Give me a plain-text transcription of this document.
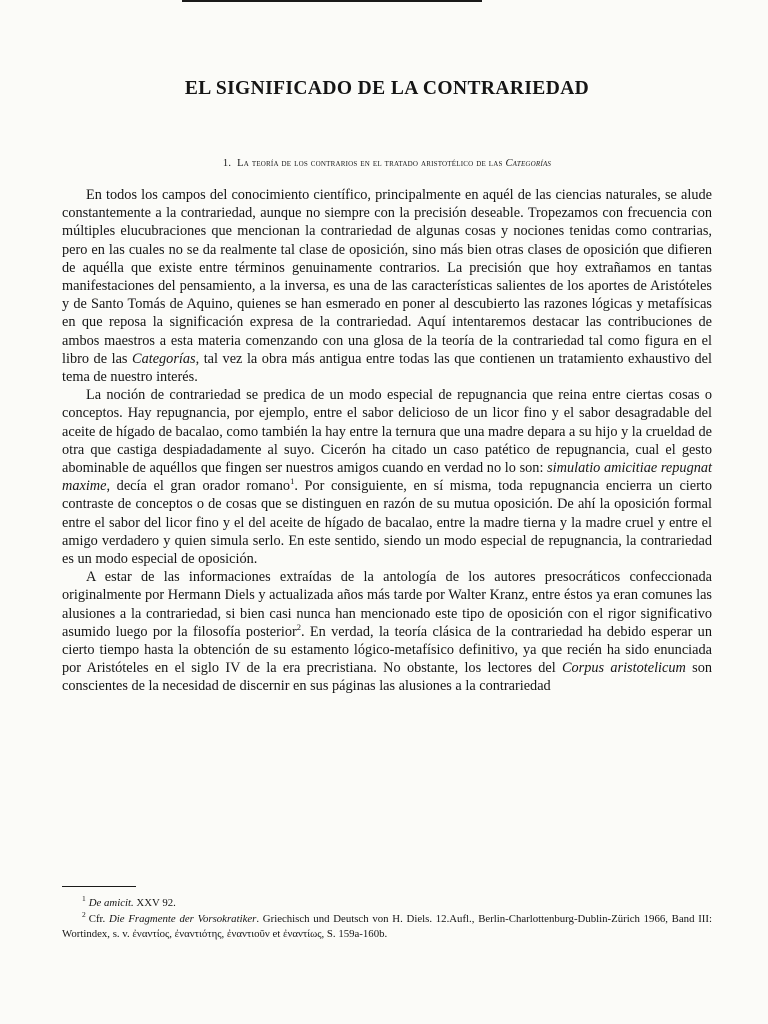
EL SIGNIFICADO DE LA CONTRARIEDAD
1. La teoría de los contrarios en el tratado aristotélico de las Categorías

En todos los campos del conocimiento científico, principalmente en aquél de las ciencias naturales, se alude constantemente a la contrariedad, aunque no siempre con la precisión deseable. Tropezamos con frecuencia con múltiples elucubraciones que mencionan la contrariedad de algunas cosas y nociones tenidas como contrarias, pero en las cuales no se da realmente tal clase de oposición, sino más bien otras clases de oposición que difieren de aquélla que existe entre términos genuinamente contrarios. La precisión que hoy extrañamos en tantas manifestaciones del pensamiento, a la inversa, es una de las características salientes de los aportes de Aristóteles y de Santo Tomás de Aquino, quienes se han esmerado en poner al descubierto las razones lógicas y metafísicas en que reposa la significación expresa de la contrariedad. Aquí intentaremos destacar las contribuciones de ambos maestros a esta materia comenzando con una glosa de la teoría de la contrariedad tal como figura en el libro de las Categorías, tal vez la obra más antigua entre todas las que contienen un tratamiento exhaustivo del tema de nuestro interés.

La noción de contrariedad se predica de un modo especial de repugnancia que reina entre ciertas cosas o conceptos. Hay repugnancia, por ejemplo, entre el sabor delicioso de un licor fino y el sabor desagradable del aceite de hígado de bacalao, como también la hay entre la ternura que una madre depara a su hijo y la crueldad de otra que castiga despiadadamente al suyo. Cicerón ha citado un caso patético de repugnancia, cual el gesto abominable de aquéllos que fingen ser nuestros amigos cuando en verdad no lo son: simulatio amicitiae repugnat maxime, decía el gran orador romano$^1$. Por consiguiente, en sí misma, toda repugnancia encierra un cierto contraste de conceptos o de cosas que se distinguen en razón de su mutua oposición. De ahí la oposición formal entre el sabor del licor fino y el del aceite de hígado de bacalao, entre la madre tierna y la madre cruel y entre el amigo verdadero y quien simula serlo. En este sentido, siendo un modo especial de repugnancia, la contrariedad es un modo especial de oposición.

A estar de las informaciones extraídas de la antología de los autores presocráticos confeccionada originalmente por Hermann Diels y actualizada años más tarde por Walter Kranz, entre éstos ya eran comunes las alusiones a la contrariedad, si bien casi nunca han mencionado este tipo de oposición con el rigor significativo asumido luego por la filosofía posterior$^2$. En verdad, la teoría clásica de la contrariedad ha debido esperar un cierto tiempo hasta la obtención de su estamento lógico-metafísico definitivo, ya que recién ha sido enunciada por Aristóteles en el siglo IV de la era precristiana. No obstante, los lectores del Corpus aristotelicum son conscientes de la necesidad de discernir en sus páginas las alusiones a la contrariedad

$^1$ De amicit. XXV 92.

$^2$ Cfr. Die Fragmente der Vorsokratiker. Griechisch und Deutsch von H. Diels. 12.Aufl., Berlin-Charlottenburg-Dublin-Zürich 1966, Band III: Wortindex, s. v. ἐναντίος, ἐναντιότης, ἐναντιοῦν et ἐναντίως, S. 159a-160b.
